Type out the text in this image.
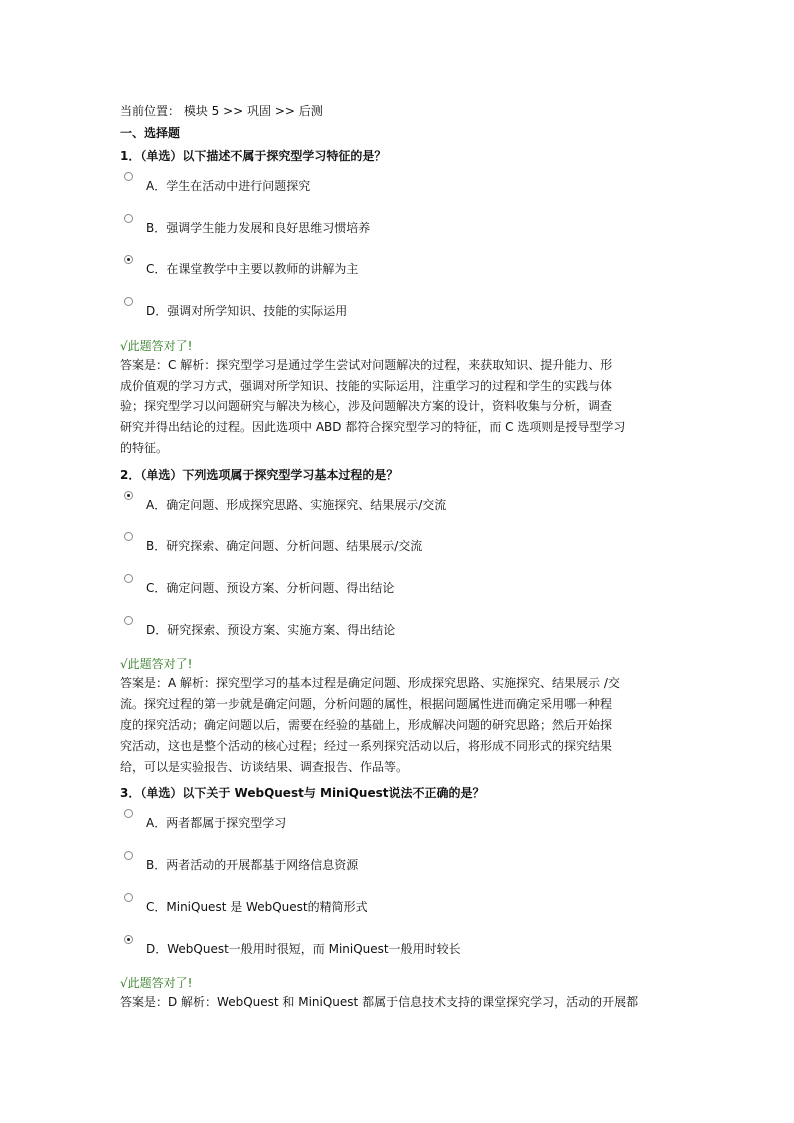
当前位置： 模块 5 >> 巩固 >> 后测
一、选择题
1．（单选）以下描述不属于探究型学习特征的是？
A．学生在活动中进行问题探究
B．强调学生能力发展和良好思维习惯培养
C．在课堂教学中主要以教师的讲解为主
D．强调对所学知识、技能的实际运用
√此题答对了!
答案是：C 解析：探究型学习是通过学生尝试对问题解决的过程，来获取知识、提升能力、形
成价值观的学习方式，强调对所学知识、技能的实际运用，注重学习的过程和学生的实践与体
验；探究型学习以问题研究与解决为核心，涉及问题解决方案的设计，资料收集与分析，调查
研究并得出结论的过程。因此选项中 ABD 都符合探究型学习的特征，而 C 选项则是授导型学习
的特征。
2．（单选）下列选项属于探究型学习基本过程的是？
A．确定问题、形成探究思路、实施探究、结果展示/交流
B．研究探索、确定问题、分析问题、结果展示/交流
C．确定问题、预设方案、分析问题、得出结论
D．研究探索、预设方案、实施方案、得出结论
√此题答对了!
答案是：A 解析：探究型学习的基本过程是确定问题、形成探究思路、实施探究、结果展示 /交
流。探究过程的第一步就是确定问题，分析问题的属性，根据问题属性进而确定采用哪一种程
度的探究活动；确定问题以后，需要在经验的基础上，形成解决问题的研究思路；然后开始探
究活动，这也是整个活动的核心过程；经过一系列探究活动以后，将形成不同形式的探究结果
给，可以是实验报告、访谈结果、调查报告、作品等。
3．（单选）以下关于 WebQuest与 MiniQuest说法不正确的是？
A．两者都属于探究型学习
B．两者活动的开展都基于网络信息资源
C．MiniQuest 是 WebQuest的精简形式
D．WebQuest一般用时很短，而 MiniQuest一般用时较长
√此题答对了!
答案是：D 解析：WebQuest 和 MiniQuest 都属于信息技术支持的课堂探究学习，活动的开展都
